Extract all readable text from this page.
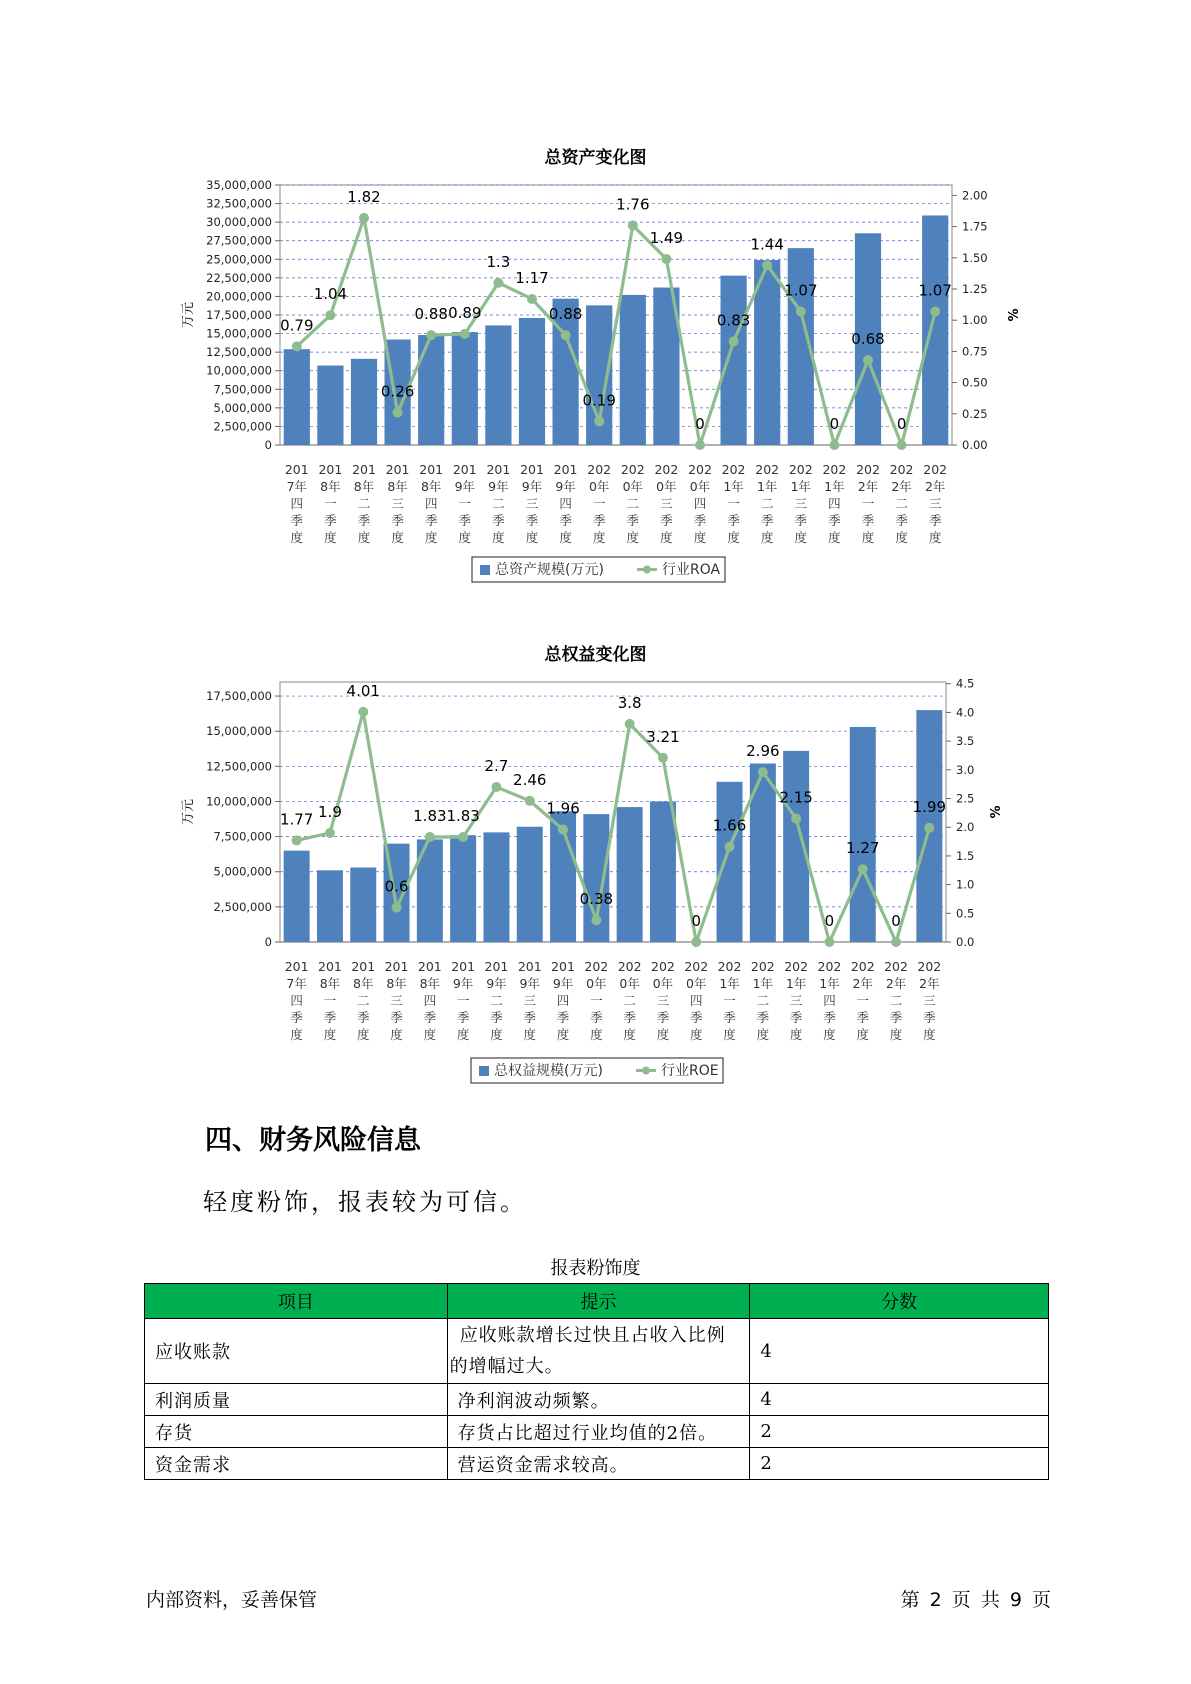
总资产变化图
0
2,500,000
5,000,000
7,500,000
10,000,000
12,500,000
15,000,000
17,500,000
20,000,000
22,500,000
25,000,000
27,500,000
30,000,000
32,500,000
35,000,000
0.00
0.25
0.50
0.75
1.00
1.25
1.50
1.75
2.00
万元	%
201
7年
四
季
度
201
8年
一
季
度
201
8年
二
季
度
201
8年
三
季
度
201
8年
四
季
度
201
9年
一
季
度
201
9年
二
季
度
201
9年
三
季
度
201
9年
四
季
度
202
0年
一
季
度
202
0年
二
季
度
202
0年
三
季
度
202
0年
四
季
度
202
1年
一
季
度
202
1年
二
季
度
202
1年
三
季
度
202
1年
四
季
度
202
2年
一
季
度
202
2年
二
季
度
202
2年
三
季
度
0.79
1.04
1.82
0.26
0.88 0.89
1.3
1.17
0.88
0.19
1.76
1.49
0
0.83
1.44
1.07
0
0.68
0
1.07
总资产规模(万元)	行业ROA
总权益变化图
0
2,500,000
5,000,000
7,500,000
10,000,000
12,500,000
15,000,000
17,500,000
0.0
0.5
1.0
1.5
2.0
2.5
3.0
3.5
4.0
4.5
万元	%
201
7年
四
季
度
201
8年
一
季
度
201
8年
二
季
度
201
8年
三
季
度
201
8年
四
季
度
201
9年
一
季
度
201
9年
二
季
度
201
9年
三
季
度
201
9年
四
季
度
202
0年
一
季
度
202
0年
二
季
度
202
0年
三
季
度
202
0年
四
季
度
202
1年
一
季
度
202
1年
二
季
度
202
1年
三
季
度
202
1年
四
季
度
202
2年
一
季
度
202
2年
二
季
度
202
2年
三
季
度
1.77 1.9
4.01
0.6
1.83 1.83
2.7
2.46
1.96
0.38
3.8
3.21
0
1.66
2.96
2.15
0
1.27
0
1.99
总权益规模(万元)	行业ROE
四、财务风险信息
轻度粉饰，报表较为可信。
报表粉饰度
项目	提示	分数
应收账款	应收账款增长过快且占收入比例
的增幅过大。	4
利润质量	净利润波动频繁。	4
存货	存货占比超过行业均值的2倍。	2
资金需求	营运资金需求较高。	2
内部资料，妥善保管	第 2 页 共 9 页
